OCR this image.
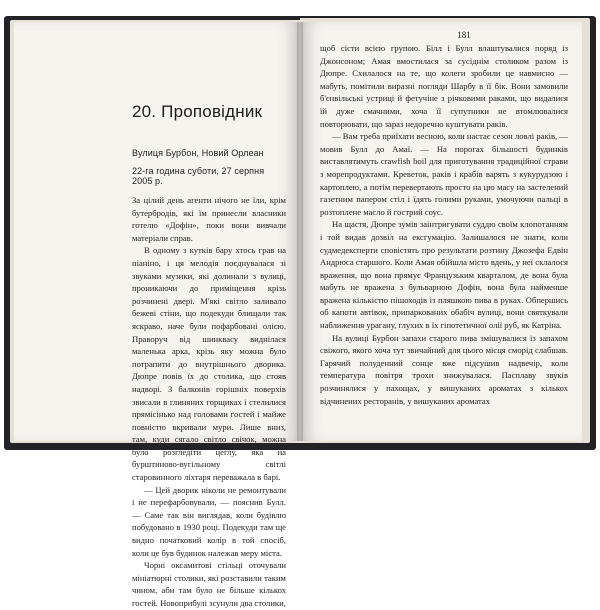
20. Проповідник
Вулиця Бурбон, Новий Орлеан
22-га година суботи, 27 серпня 2005 р.

За цілий день агенти нічого не їли, крім бутербродів, які їм принесли власники готелю «Дофін», поки вони вивчали матеріали справ.

В одному з кутків бару хтось грав на піаніно, і ця мелодія поєднувалася зі звуками музики, які долинали з вулиці, проникаючи до приміщення крізь розчинені двері. М'які світло заливало бежеві стіни, що подекуди блищали так яскраво, наче були пофарбовані олією. Праворуч від шинквасу виднілася маленька арка, крізь яку можна було потрапити до внутрішнього дворика. Дюпре повів їх до столика, що стояв надворі. З балконів горішніх поверхів звисали в глиняних горщиках і стелилися прямісінько над головами гостей і майже повністю вкривали мури. Лише вниз, там, куди сягало світло свічок, можна було розгледіти цеглу, яка на бурштиново-вугільному світлі старовинного ліхтаря переважала в барі.

— Цей дворик ніколи не ремонтували і не перефарбовували, — пояснив Булл. — Саме так він виглядав, коли будівлю побудовано в 1930 році. Подекуди там ще видно початковий колір в той спосіб, коли це був будинок належав меру міста.

Чорні оксамитові стільці оточували мініатюрні столики, які розставили таким чином, аби там було не більше кількох гостей. Новоприбулі зсунули два столики,

181

щоб сісти всією групою. Білл і Булл влаштувалися поряд із Джонсоном; Амая вмостилася за сусіднім столиком разом із Дюпре. Схилалося на те, що колеги зробили це навмисно — мабуть, помітили виразні погляди Шарбу в її бік. Вони замовили б'єнвільські устриці й фетучіне з річковими раками, що видалися їй дуже смачними, хоча її супутники не втомлювалися повторювати, що зараз недоречно куштувати раків.

— Вам треба приїхати весною, коли настає сезон ловлі раків, — мовив Булл до Амаї. — На порогах більшості будинків виставлятимуть crawfish boil для приготування традиційної страви з морепродуктами. Креветок, раків і крабів варять з кукурудзою і картоплею, а потім перевертають просто на цю масу на застелений газетним папером стіл і їдять голими руками, умочуючи пальці в розтоплене масло й гострий соус.

На щастя, Дюпре зумів заінтригувати суддю своїм клопотанням і той видав дозвіл на ексгумацію. Залишалося не знати, коли судмедексперти сповістять про результати розтину Джозефа Едвін Андрюса старшого. Коли Амая обійшла місто вдень, у неї склалося враження, що вона прямує Французьким кварталом, де вона була мабуть не вражена з бульварною Дофін, вона була найменше вражена кількістю пішоходів із пляшкою пива в руках. Обпершись об капоти автівок, припаркованих обабіч вулиці, вони святкували наближення урагану, глухих в їх гіпотетичної олії руб, як Катріна.

На вулиці Бурбон запахи старого пива змішувалися із запахом свіжого, якого хоча тут звичайний для цього місця сморід слабшав. Гарячий полуденний сонце вже підсушив надвечір, коли температура повітря трохи знижувалася. Пасплаву звуків розчинялися у пахощах, у вишуканих ароматах з кількох відчинених ресторанів, у вишуканих ароматах
